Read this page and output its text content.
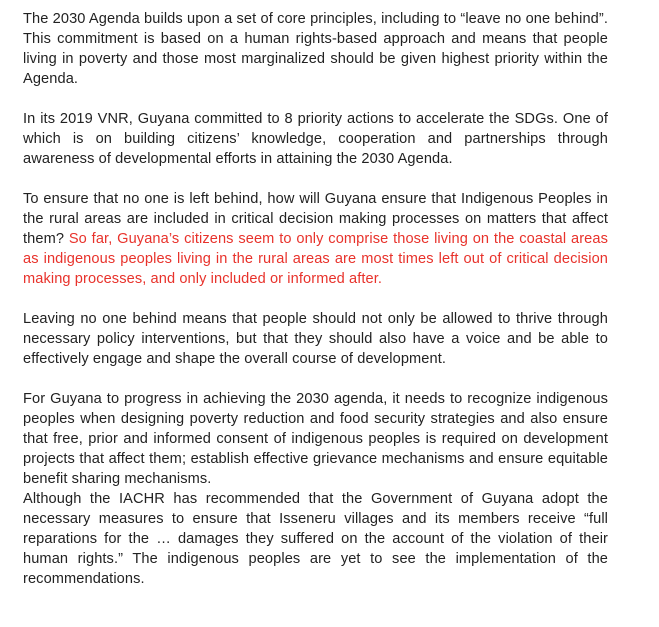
The 2030 Agenda builds upon a set of core principles, including to “leave no one behind”. This commitment is based on a human rights-based approach and means that people living in poverty and those most marginalized should be given highest priority within the Agenda.

In its 2019 VNR, Guyana committed to 8 priority actions to accelerate the SDGs. One of which is on building citizens’ knowledge, cooperation and partnerships through awareness of developmental efforts in attaining the 2030 Agenda.

To ensure that no one is left behind, how will Guyana ensure that Indigenous Peoples in the rural areas are included in critical decision making processes on matters that affect them? So far, Guyana’s citizens seem to only comprise those living on the coastal areas as indigenous peoples living in the rural areas are most times left out of critical decision making processes, and only included or informed after.

Leaving no one behind means that people should not only be allowed to thrive through necessary policy interventions, but that they should also have a voice and be able to effectively engage and shape the overall course of development.

For Guyana to progress in achieving the 2030 agenda, it needs to recognize indigenous peoples when designing poverty reduction and food security strategies and also ensure that free, prior and informed consent of indigenous peoples is required on development projects that affect them; establish effective grievance mechanisms and ensure equitable benefit sharing mechanisms.

Although the IACHR has recommended that the Government of Guyana adopt the necessary measures to ensure that Isseneru villages and its members receive “full reparations for the … damages they suffered on the account of the violation of their human rights.” The indigenous peoples are yet to see the implementation of the recommendations.
